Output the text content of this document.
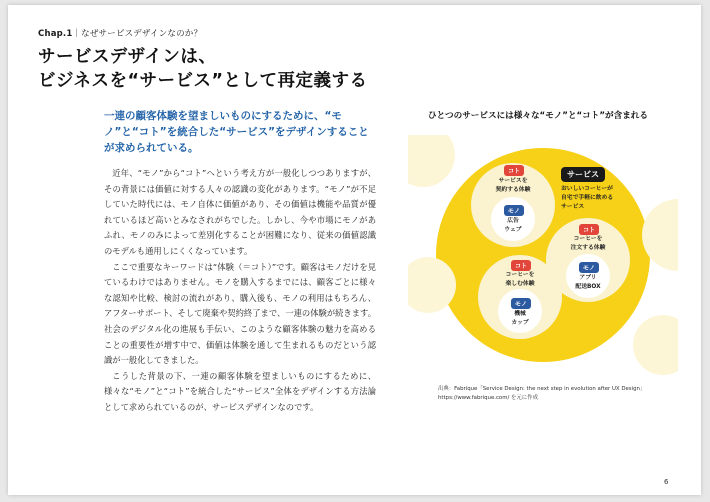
Chap.1｜なぜサービスデザインなのか？
サービスデザインは、
ビジネスを“サービス”として再定義する
一連の顧客体験を望ましいものにするために、“モノ”と“コト”を統合した“サービス”をデザインすることが求められている。

近年、“モノ”から“コト”へという考え方が一般化しつつありますが、その背景には価値に対する人々の認識の変化があります。“モノ”が不足していた時代には、モノ自体に価値があり、その価値は機能や品質が優れているほど高いとみなされがちでした。しかし、今や市場にモノがあふれ、モノのみによって差別化することが困難になり、従来の価値認識のモデルも通用しにくくなっています。

ここで重要なキーワードは“体験（＝コト）”です。顧客はモノだけを見ているわけではありません。モノを購入するまでには、顧客ごとに様々な認知や比較、検討の流れがあり、購入後も、モノの利用はもちろん、アフターサポート、そして廃棄や契約終了まで、一連の体験が続きます。社会のデジタル化の進展も手伝い、このような顧客体験の魅力を高めることの重要性が増す中で、価値は体験を通して生まれるものだという認識が一般化してきました。

こうした背景の下、一連の顧客体験を望ましいものにするために、様々な“モノ”と“コト”を統合した“サービス”全体をデザインする方法論として求められているのが、サービスデザインなのです。

ひとつのサービスには様々な“モノ”と“コト”が含まれる
コト
サービスを
契約する体験
モノ
広告
ウェブ
サービス
おいしいコーヒーが
自宅で手軽に飲める
サービス
コト
コーヒーを
注文する体験
モノ
アプリ
配送BOX
コト
コーヒーを
楽しむ体験
モノ
機械
カップ
出典：Fabrique「Service Design: the next step in evolution after UX Design」
https://www.fabrique.com/ を元に作成
6
